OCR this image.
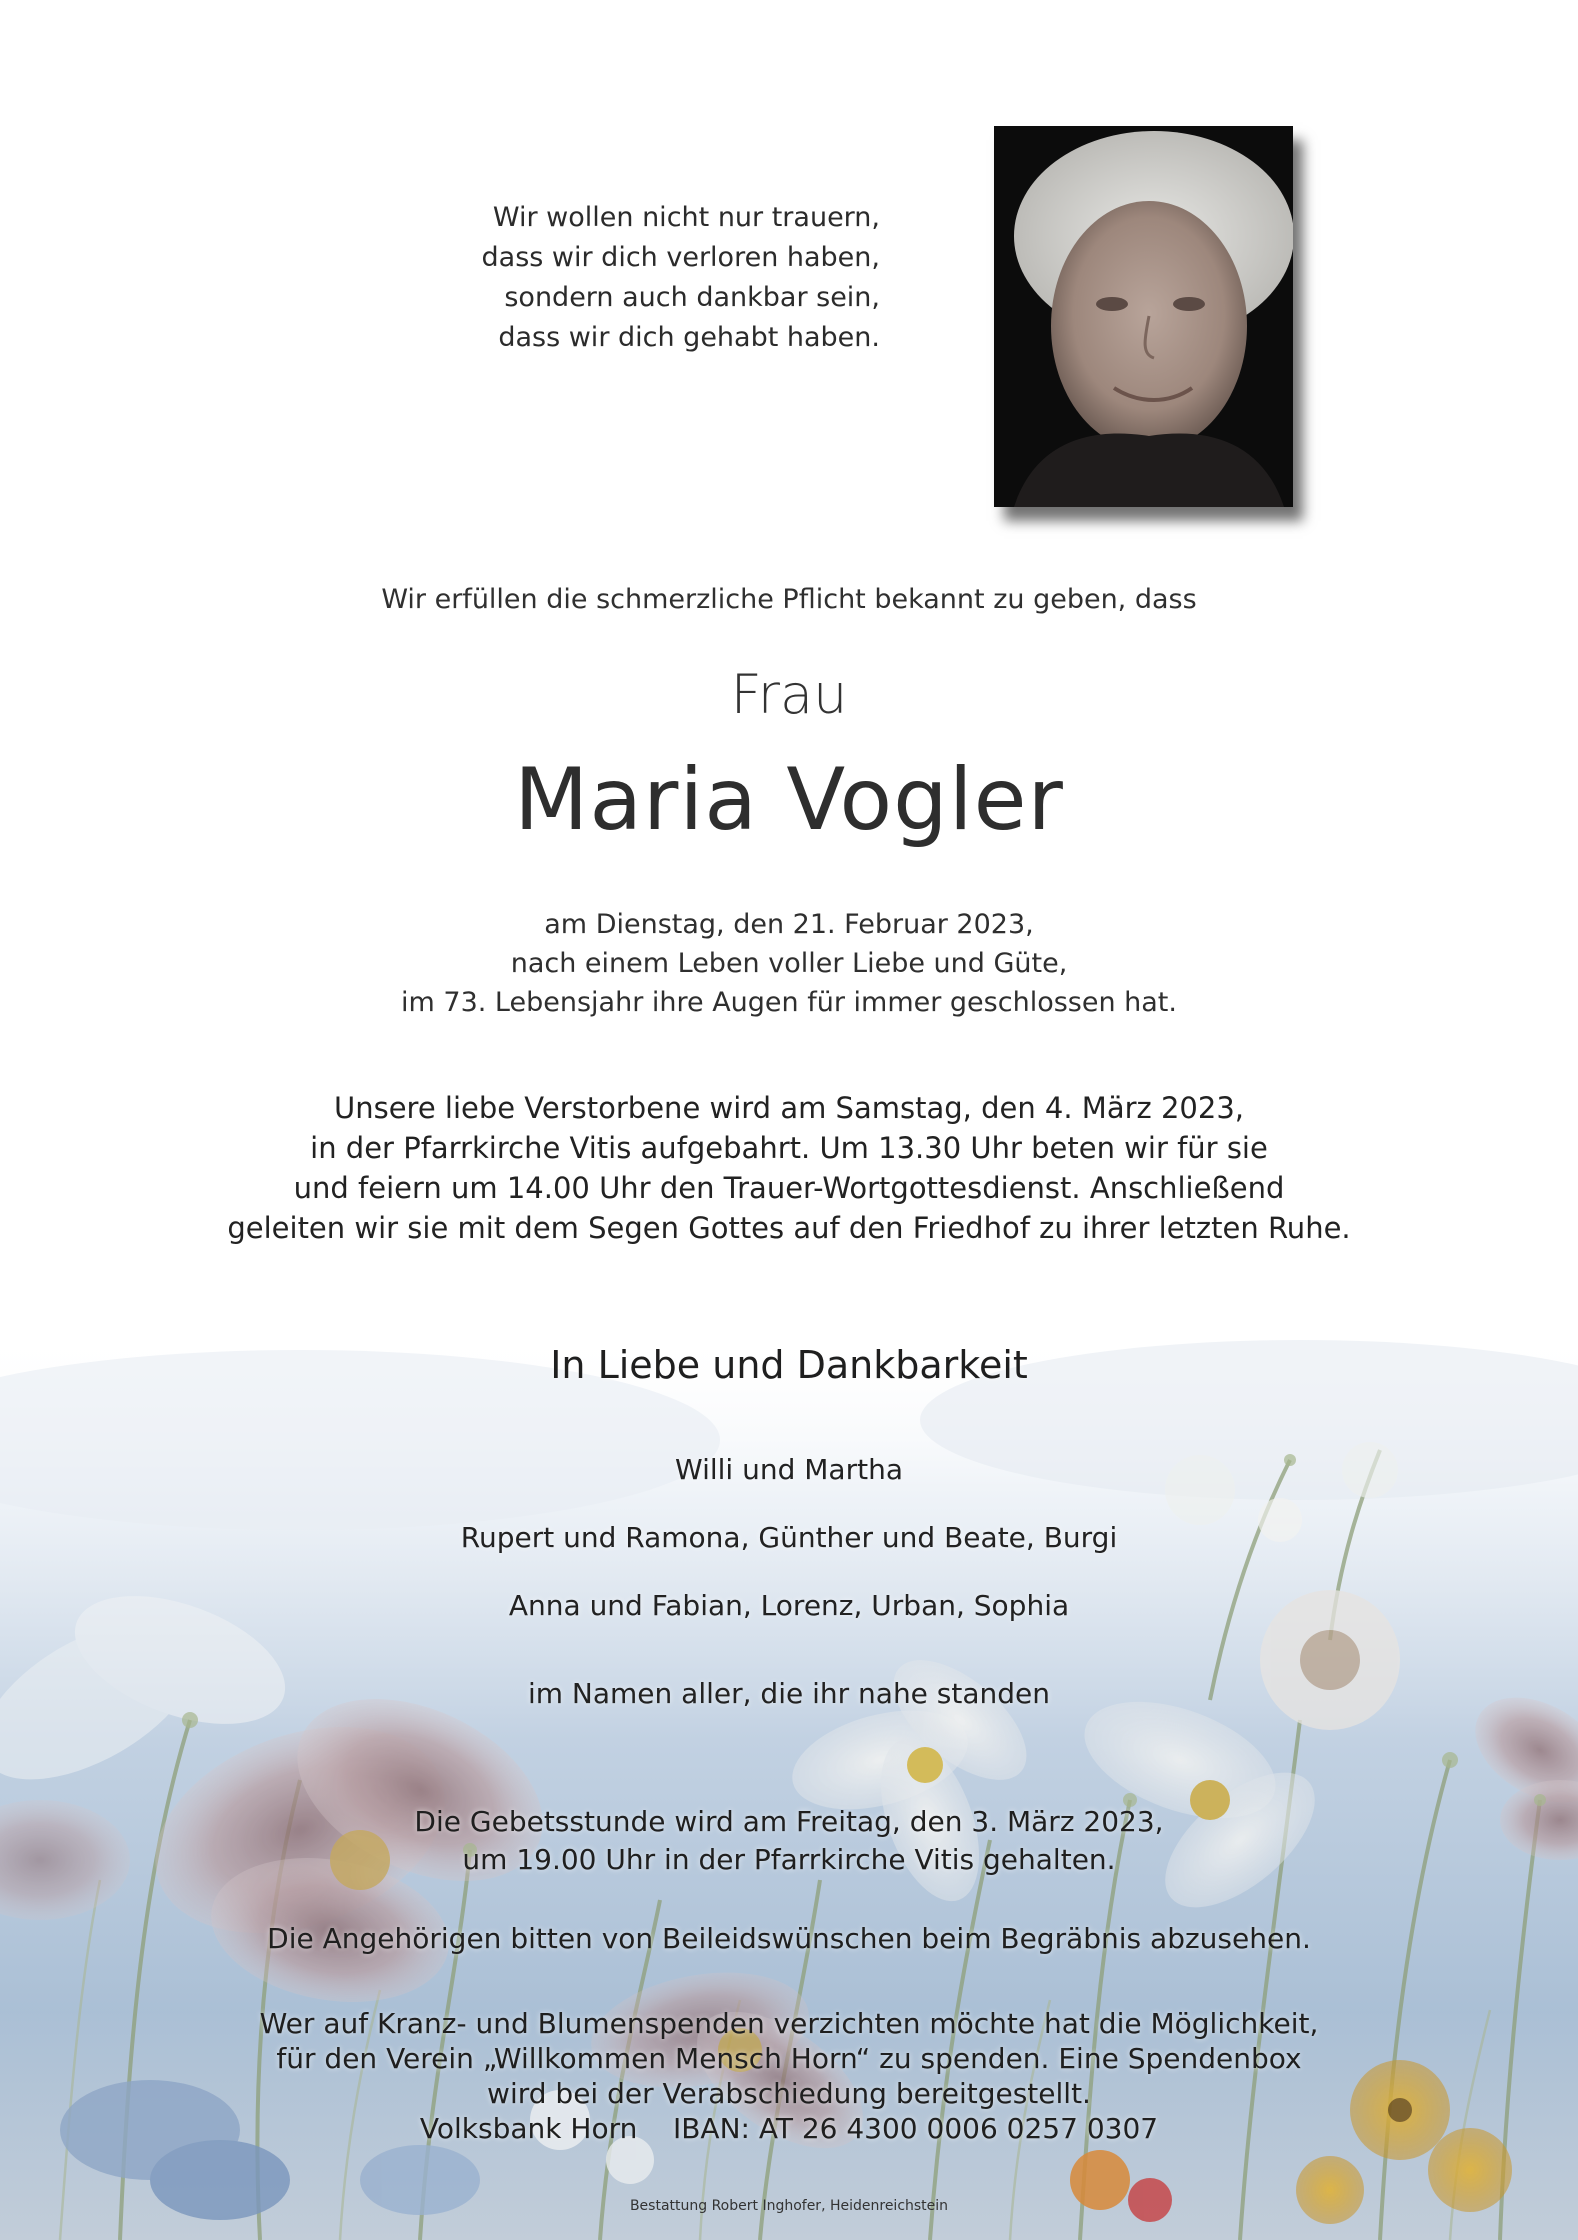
Wir wollen nicht nur trauern,
dass wir dich verloren haben,
sondern auch dankbar sein,
dass wir dich gehabt haben.
Wir erfüllen die schmerzliche Pflicht bekannt zu geben, dass
Frau
Maria Vogler
am Dienstag, den 21. Februar 2023,
nach einem Leben voller Liebe und Güte,
im 73. Lebensjahr ihre Augen für immer geschlossen hat.
Unsere liebe Verstorbene wird am Samstag, den 4. März 2023,
in der Pfarrkirche Vitis aufgebahrt. Um 13.30 Uhr beten wir für sie
und feiern um 14.00 Uhr den Trauer-Wortgottesdienst. Anschließend
geleiten wir sie mit dem Segen Gottes auf den Friedhof zu ihrer letzten Ruhe.
In Liebe und Dankbarkeit
Willi und Martha
Rupert und Ramona, Günther und Beate, Burgi
Anna und Fabian, Lorenz, Urban, Sophia
im Namen aller, die ihr nahe standen
Die Gebetsstunde wird am Freitag, den 3. März 2023,
um 19.00 Uhr in der Pfarrkirche Vitis gehalten.
Die Angehörigen bitten von Beileidswünschen beim Begräbnis abzusehen.
Wer auf Kranz- und Blumenspenden verzichten möchte hat die Möglichkeit,
für den Verein „Willkommen Mensch Horn“ zu spenden. Eine Spendenbox
wird bei der Verabschiedung bereitgestellt.
Volksbank Horn    IBAN: AT 26 4300 0006 0257 0307
Bestattung Robert Inghofer, Heidenreichstein
